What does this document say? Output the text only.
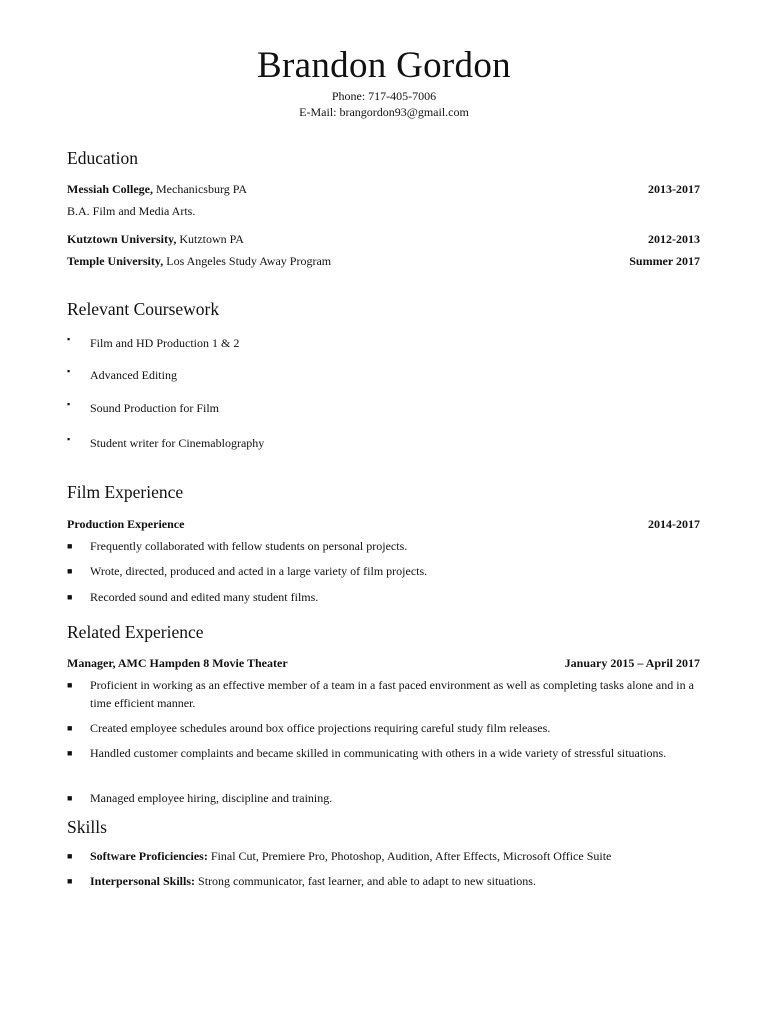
Brandon Gordon
Phone: 717-405-7006
E-Mail: brangordon93@gmail.com
Education
Messiah College, Mechanicsburg PA	2013-2017
B.A. Film and Media Arts.
Kutztown University, Kutztown PA	2012-2013
Temple University, Los Angeles Study Away Program	Summer 2017
Relevant Coursework
▪ Film and HD Production 1 & 2
▪ Advanced Editing
▪ Sound Production for Film
▪ Student writer for Cinemablography
Film Experience
Production Experience	2014-2017
■ Frequently collaborated with fellow students on personal projects.
■ Wrote, directed, produced and acted in a large variety of film projects.
■ Recorded sound and edited many student films.
Related Experience
Manager, AMC Hampden 8 Movie Theater	January 2015 – April 2017
■ Proficient in working as an effective member of a team in a fast paced environment as well as completing tasks alone and in a time efficient manner.
■ Created employee schedules around box office projections requiring careful study film releases.
■ Handled customer complaints and became skilled in communicating with others in a wide variety of stressful situations.
■ Managed employee hiring, discipline and training.
Skills
■ Software Proficiencies: Final Cut, Premiere Pro, Photoshop, Audition, After Effects, Microsoft Office Suite
■ Interpersonal Skills: Strong communicator, fast learner, and able to adapt to new situations.
